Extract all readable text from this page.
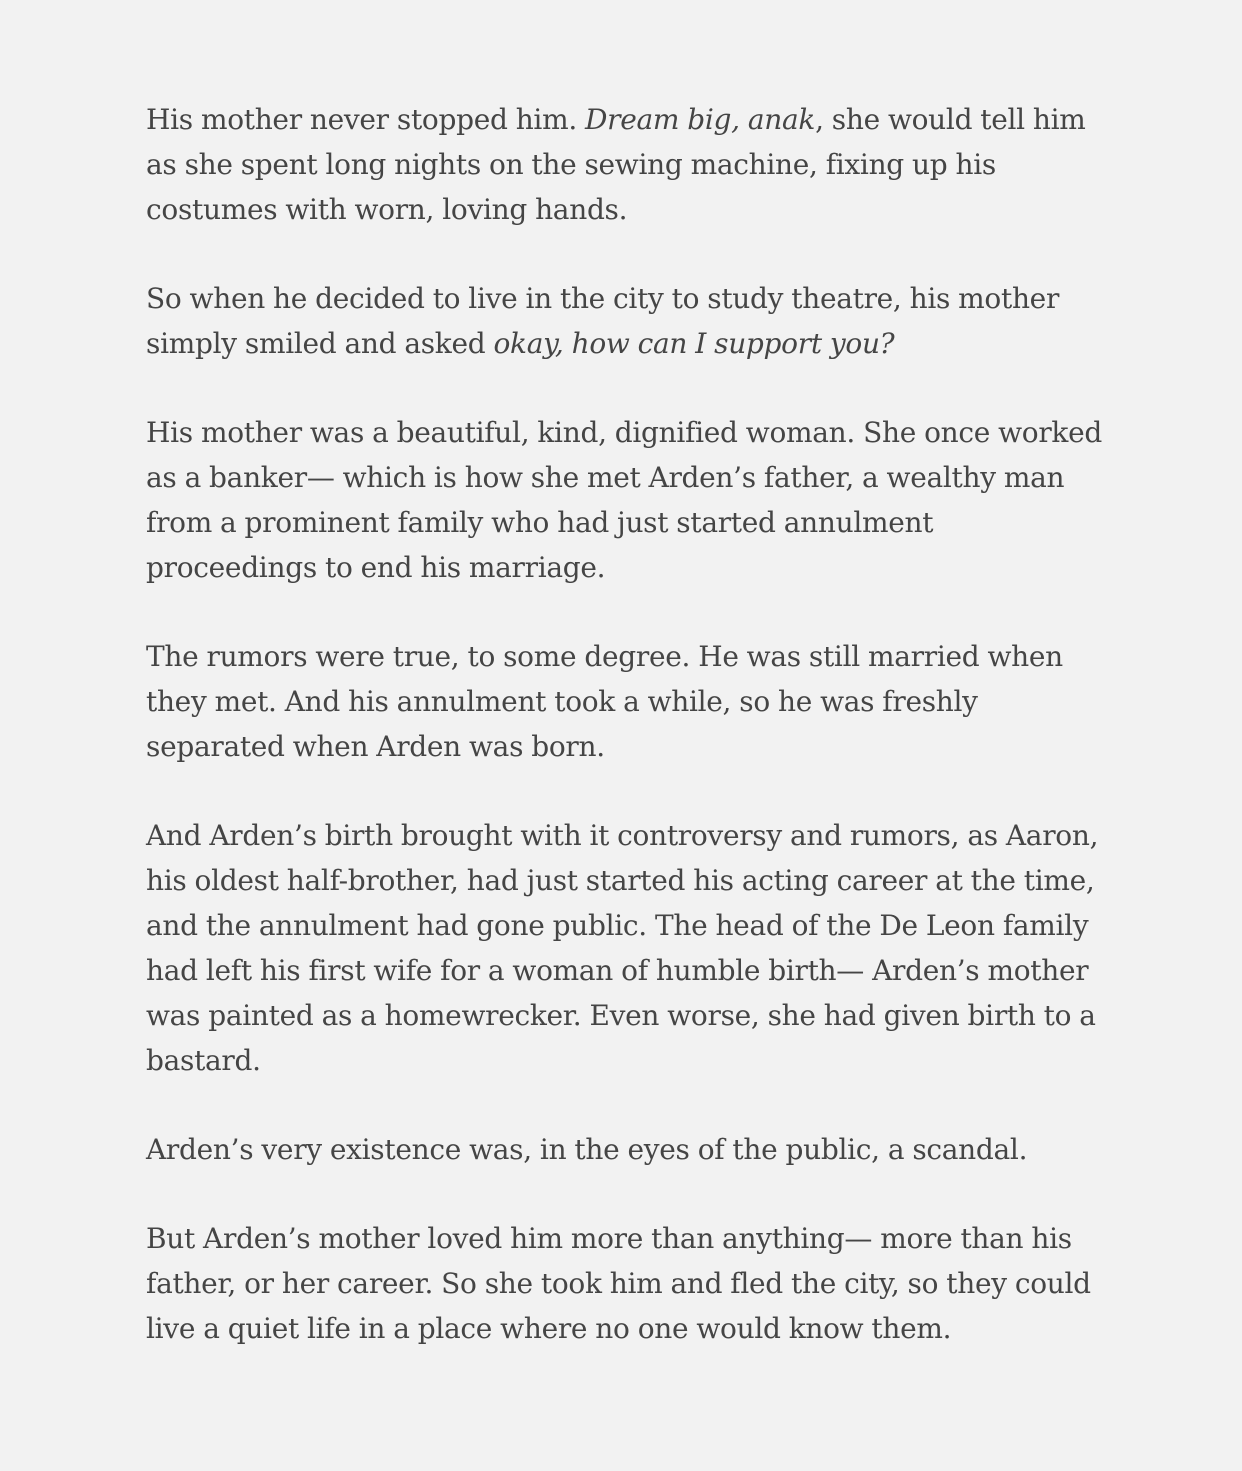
His mother never stopped him. Dream big, anak, she would tell him as she spent long nights on the sewing machine, fixing up his costumes with worn, loving hands.

So when he decided to live in the city to study theatre, his mother simply smiled and asked okay, how can I support you?

His mother was a beautiful, kind, dignified woman. She once worked as a banker— which is how she met Arden’s father, a wealthy man from a prominent family who had just started annulment proceedings to end his marriage.

The rumors were true, to some degree. He was still married when they met. And his annulment took a while, so he was freshly separated when Arden was born.

And Arden’s birth brought with it controversy and rumors, as Aaron, his oldest half-brother, had just started his acting career at the time, and the annulment had gone public. The head of the De Leon family had left his first wife for a woman of humble birth— Arden’s mother was painted as a homewrecker. Even worse, she had given birth to a bastard.

Arden’s very existence was, in the eyes of the public, a scandal.

But Arden’s mother loved him more than anything— more than his father, or her career. So she took him and fled the city, so they could live a quiet life in a place where no one would know them.
